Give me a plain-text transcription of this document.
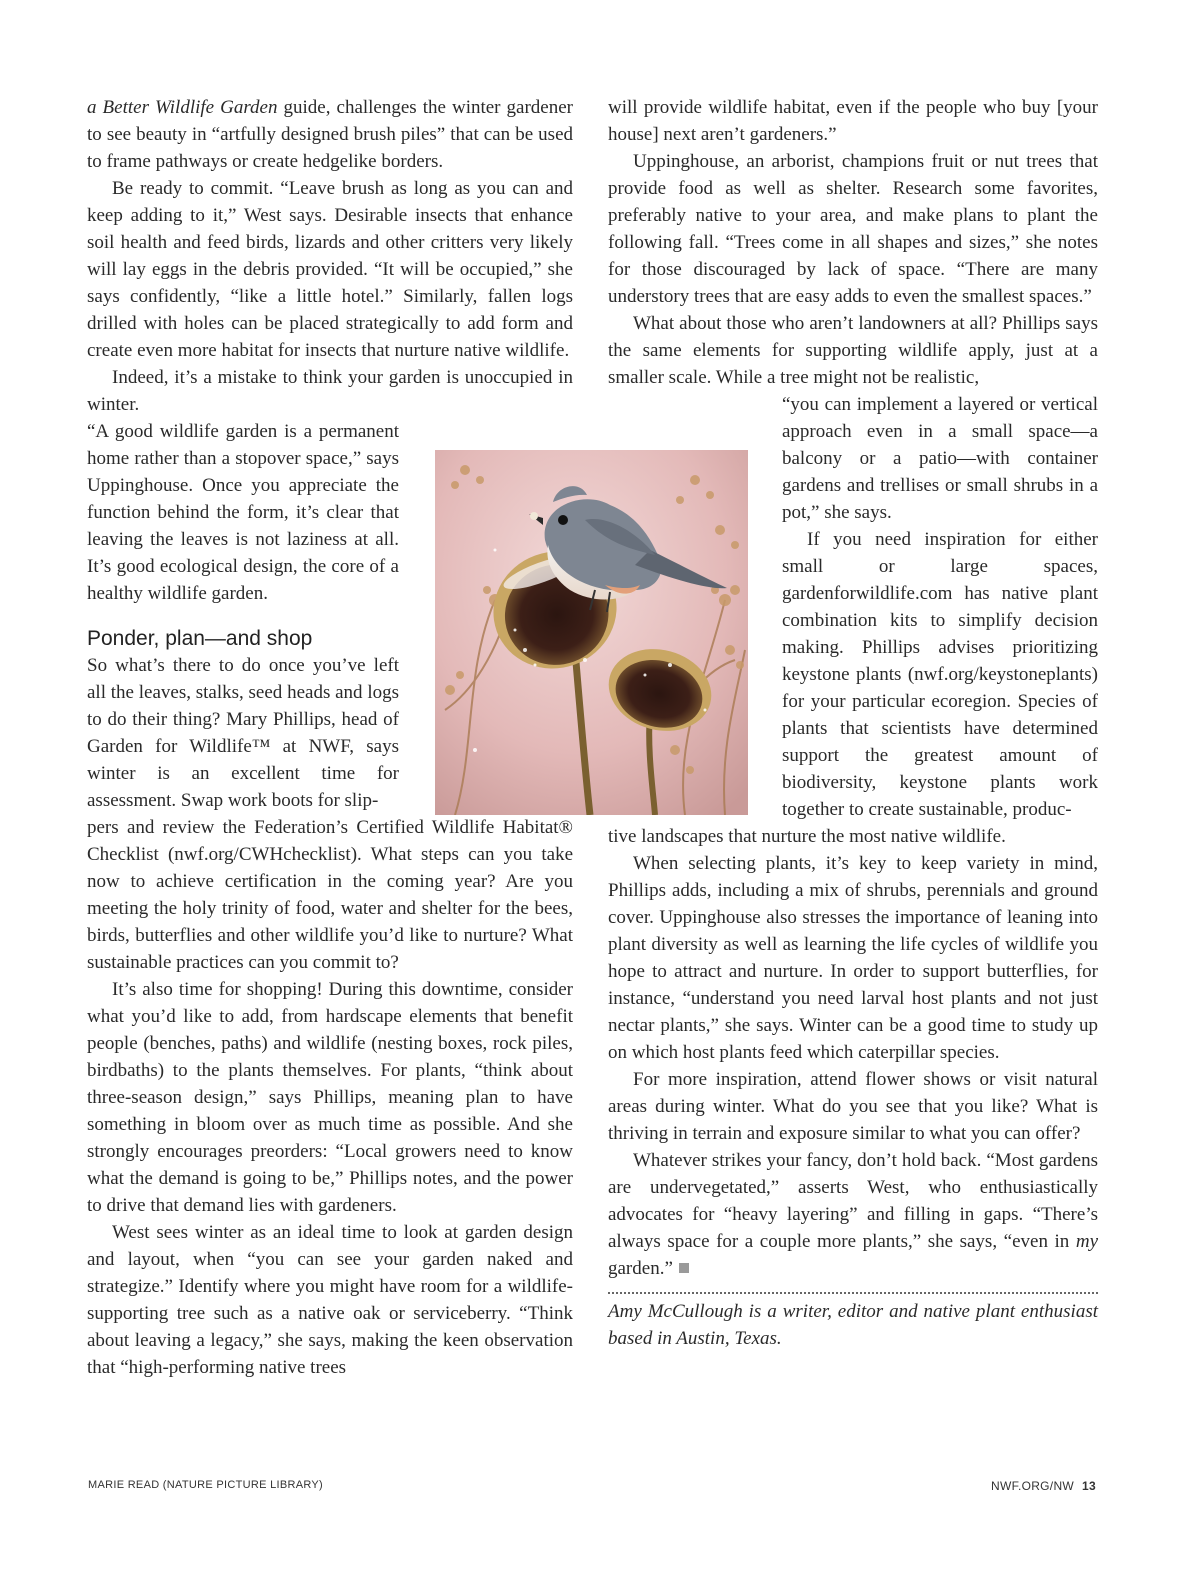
a Better Wildlife Garden guide, challenges the winter gardener to see beauty in “artfully designed brush piles” that can be used to frame pathways or create hedgelike borders.

Be ready to commit. “Leave brush as long as you can and keep adding to it,” West says. Desirable insects that enhance soil health and feed birds, lizards and other critters very likely will lay eggs in the debris provided. “It will be occupied,” she says confidently, “like a little hotel.” Similarly, fallen logs drilled with holes can be placed strategically to add form and create even more habitat for insects that nurture native wildlife.

Indeed, it’s a mistake to think your garden is unoccupied in winter.

“A good wildlife garden is a permanent home rather than a stopover space,” says Uppinghouse. Once you appreciate the function behind the form, it’s clear that leaving the leaves is not laziness at all. It’s good ecological design, the core of a healthy wildlife garden.

Ponder, plan—and shop

So what’s there to do once you’ve left all the leaves, stalks, seed heads and logs to do their thing? Mary Phillips, head of Garden for Wildlife™ at NWF, says winter is an excellent time for assessment. Swap work boots for slip-

pers and review the Federation’s Certified Wildlife Habitat® Checklist (nwf.org/CWHchecklist). What steps can you take now to achieve certification in the coming year? Are you meeting the holy trinity of food, water and shelter for the bees, birds, butterflies and other wildlife you’d like to nurture? What sustainable practices can you commit to?

It’s also time for shopping! During this downtime, consider what you’d like to add, from hardscape elements that benefit people (benches, paths) and wildlife (nesting boxes, rock piles, birdbaths) to the plants themselves. For plants, “think about three-season design,” says Phillips, meaning plan to have something in bloom over as much time as possible. And she strongly encourages preorders: “Local growers need to know what the demand is going to be,” Phillips notes, and the power to drive that demand lies with gardeners.

West sees winter as an ideal time to look at garden design and layout, when “you can see your garden naked and strategize.” Identify where you might have room for a wildlife-supporting tree such as a native oak or serviceberry. “Think about leaving a legacy,” she says, making the keen observation that “high-performing native trees

will provide wildlife habitat, even if the people who buy [your house] next aren’t gardeners.”

Uppinghouse, an arborist, champions fruit or nut trees that provide food as well as shelter. Research some favorites, preferably native to your area, and make plans to plant the following fall. “Trees come in all shapes and sizes,” she notes for those discouraged by lack of space. “There are many understory trees that are easy adds to even the smallest spaces.”

What about those who aren’t landowners at all? Phillips says the same elements for supporting wildlife apply, just at a smaller scale. While a tree might not be realistic,

“you can implement a layered or vertical approach even in a small space—a balcony or a patio—with container gardens and trellises or small shrubs in a pot,” she says.

If you need inspiration for either small or large spaces, gardenforwildlife.com has native plant combination kits to simplify decision making. Phillips advises prioritizing keystone plants (nwf.org/keystoneplants) for your particular ecoregion. Species of plants that scientists have determined support the greatest amount of biodiversity, keystone plants work together to create sustainable, produc-

tive landscapes that nurture the most native wildlife.

When selecting plants, it’s key to keep variety in mind, Phillips adds, including a mix of shrubs, perennials and ground cover. Uppinghouse also stresses the importance of leaning into plant diversity as well as learning the life cycles of wildlife you hope to attract and nurture. In order to support butterflies, for instance, “understand you need larval host plants and not just nectar plants,” she says. Winter can be a good time to study up on which host plants feed which caterpillar species.

For more inspiration, attend flower shows or visit natural areas during winter. What do you see that you like? What is thriving in terrain and exposure similar to what you can offer?

Whatever strikes your fancy, don’t hold back. “Most gardens are undervegetated,” asserts West, who enthusiastically advocates for “heavy layering” and filling in gaps. “There’s always space for a couple more plants,” she says, “even in my garden.”

Amy McCullough is a writer, editor and native plant enthusiast based in Austin, Texas.

MARIE READ (NATURE PICTURE LIBRARY)	NWF.ORG/NW 13
